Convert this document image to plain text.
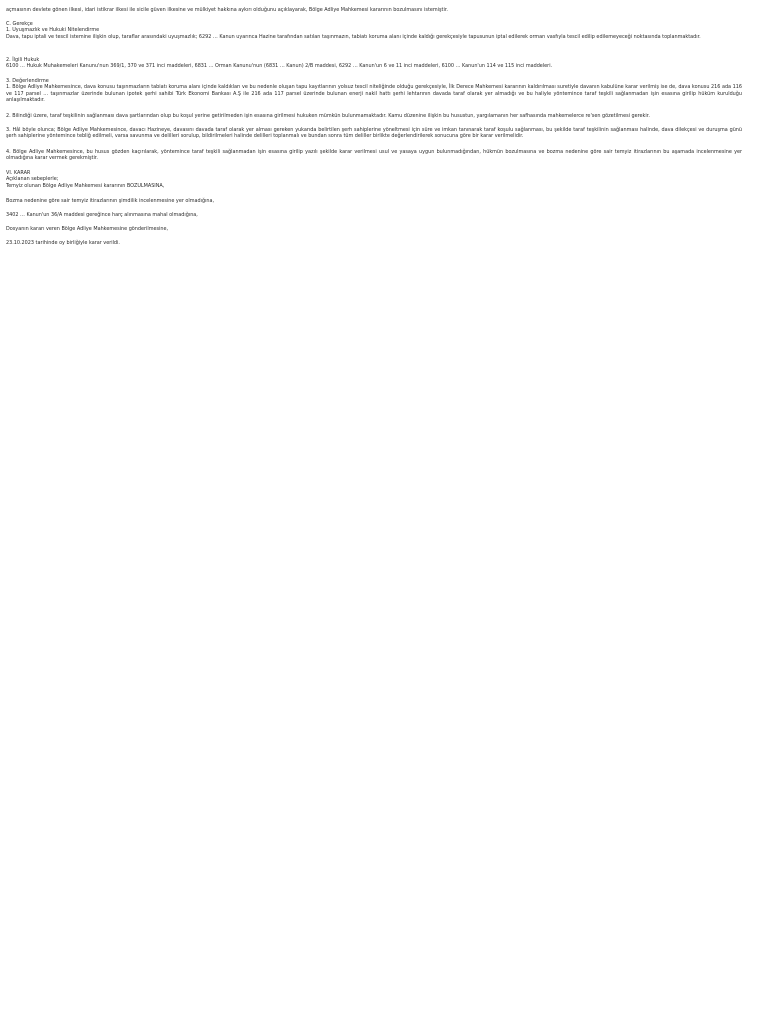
açmasının devlete gönen ilkesi, idari istikrar ilkesi ile sicile güven ilkesine ve mülkiyet hakkına aykırı olduğunu açıklayarak, Bölge Adliye Mahkemesi kararının bozulmasını istemiştir.
C. Gerekçe
1. Uyuşmazlık ve Hukuki Nitelendirme
Dava, tapu iptali ve tescil istemine ilişkin olup, taraflar arasındaki uyuşmazlık; 6292 … Kanun uyarınca Hazine tarafından satılan taşınmazın, tabiatı koruma alanı içinde kaldığı gerekçesiyle tapusunun iptal edilerek orman vasfıyla tescil edilip edilemeyeceği noktasında toplanmaktadır.
2. İlgili Hukuk
6100 … Hukuk Muhakemeleri Kanunu'nun 369/1, 370 ve 371 inci maddeleri, 6831 … Orman Kanunu'nun (6831 … Kanun) 2/B maddesi, 6292 … Kanun'un 6 ve 11 inci maddeleri, 6100 … Kanun'un 114 ve 115 inci maddeleri.
3. Değerlendirme
1. Bölge Adliye Mahkemesince, dava konusu taşınmazların tabiatı koruma alanı içinde kaldıkları ve bu nedenle oluşan tapu kayıtlarının yolsuz tescil niteliğinde olduğu gerekçesiyle, İlk Derece Mahkemesi kararının kaldırılması suretiyle davanın kabulüne karar verilmiş ise de, dava konusu 216 ada 116 ve 117 parsel … taşınmazlar üzerinde bulunan ipotek şerhi sahibi Türk Ekonomi Bankası A.Ş ile 216 ada 117 parsel üzerinde bulunan enerji nakil hattı şerhi lehtarının davada taraf olarak yer almadığı ve bu haliyle yöntemince taraf teşkili sağlanmadan işin esasına girilip hüküm kurulduğu anlaşılmaktadır.
2. Bilindiği üzere, taraf teşkilinin sağlanması dava şartlarından olup bu koşul yerine getirilmeden işin esasına girilmesi hukuken mümkün bulunmamaktadır. Kamu düzenine ilişkin bu husustun, yargılamanın her safhasında mahkemelerce re'sen gözetilmesi gerekir.
3. Hâl böyle olunca; Bölge Adliye Mahkemesince, davacı Hazineye, davasını davada taraf olarak yer alması gereken yukarıda belirtilen şerh sahiplerine yöneltmesi için süre ve imkan tanınarak taraf koşulu sağlanması, bu şekilde taraf teşkilinin sağlanması halinde, dava dilekçesi ve duruşma günü şerh sahiplerine yöntemince tebliğ edilmeli, varsa savunma ve delilleri sorulup, bildirilmeleri halinde delilleri toplanmalı ve bundan sonra tüm deliller birlikte değerlendirilerek sonucuna göre bir karar verilmelidir.
4. Bölge Adliye Mahkemesince, bu husus gözden kaçırılarak, yöntemince taraf teşkili sağlanmadan işin esasına girilip yazılı şekilde karar verilmesi usul ve yasaya uygun bulunmadığından, hükmün bozulmasına ve bozma nedenine göre sair temyiz itirazlarının bu aşamada incelenmesine yer olmadığına karar vermek gerekmiştir.
VI. KARAR
Açıklanan sebeplerle;
Temyiz olunan Bölge Adliye Mahkemesi kararının BOZULMASINA,
Bozma nedenine göre sair temyiz itirazlarının şimdilik incelenmesine yer olmadığına,
3402 … Kanun'un 36/A maddesi gereğince harç alınmasına mahal olmadığına,
Dosyanın kararı veren Bölge Adliye Mahkemesine gönderilmesine,
23.10.2023 tarihinde oy birliğiyle karar verildi.
